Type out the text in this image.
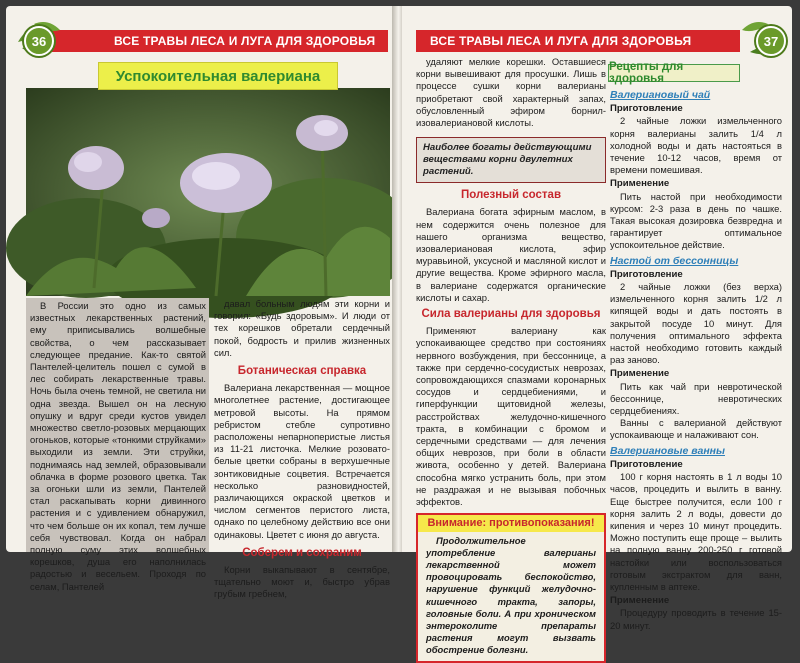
36	ВСЕ ТРАВЫ ЛЕСА И ЛУГА ДЛЯ ЗДОРОВЬЯ
Успокоительная валериана

В России это одно из самых известных лекарственных растений, ему приписывались волшебные свойства, о чем рассказывает следующее предание. Как-то святой Пантелей-целитель пошел с сумой в лес собирать лекарственные травы. Ночь была очень темной, не светила ни одна звезда. Вышел он на лесную опушку и вдруг среди кустов увидел множество светло-розовых мерцающих огоньков, которые «тонкими струйками» выходили из земли. Эти струйки, поднимаясь над землей, образовывали облачка в форме розового цветка. Так за огоньки шли из земли, Пантелей стал раскапывать корни дивинного растения и с удивлением обнаружил, что чем больше он их копал, тем лучше себя чувствовал. Когда он набрал полную суму этих волшебных корешков, душа его наполнилась радостью и весельем. Проходя по селам, Пантелей

давал больным людям эти корни и говорил: «Будь здоровым». И люди от тех корешков обретали сердечный покой, бодрость и прилив жизненных сил.

Ботаническая справка

Валериана лекарственная — мощное многолетнее растение, достигающее метровой высоты. На прямом ребристом стебле супротивно расположены непарноперистые листья из 11-21 листочка. Мелкие розовато-белые цветки собраны в верхушечные зонтиковидные соцветия. Встречается несколько разновидностей, различающихся окраской цветков и числом сегментов перистого листа, однако по целебному действию все они одинаковы. Цветет с июня до августа.

Соберем и сохраним

Корни выкапывают в сентябре, тщательно моют и, быстро убрав грубым гребнем,

ВСЕ ТРАВЫ ЛЕСА И ЛУГА ДЛЯ ЗДОРОВЬЯ	37

удаляют мелкие корешки. Оставшиеся корни вывешивают для просушки. Лишь в процессе сушки корни валерианы приобретают свой характерный запах, обусловленный эфиром борнил-изовалериановой кислоты.

Наиболее богаты действующими веществами корни двулетних растений.
Полезный состав

Валериана богата эфирным маслом, в нем содержится очень полезное для нашего организма вещество, изовалериановая кислота, эфир муравьиной, уксусной и масляной кислот и другие вещества. Кроме эфирного масла, в валериане содержатся органические кислоты и сахар.

Сила валерианы для здоровья

Применяют валериану как успокаивающее средство при состояниях нервного возбуждения, при бессоннице, а также при сердечно-сосудистых неврозах, сопровождающихся спазмами коронарных сосудов и сердцебиениями, и гиперфункции щитовидной железы, расстройствах желудочно-кишечного тракта, в комбинации с бромом и сердечными средствами — для лечения общих неврозов, при боли в области живота, особенно у детей. Валериана способна мягко устранить боль, при этом не раздражая и не вызывая побочных эффектов.

Внимание: противопоказания!

Продолжительное употребление валерианы лекарственной может провоцировать беспокойство, нарушение функций желудочно-кишечного тракта, запоры, головные боли. А при хроническом энтероколите препараты растения могут вызвать обострение болезни.

Рецепты для здоровья
Валериановый чай
Приготовление

2 чайные ложки измельченного корня валерианы залить 1/4 л холодной воды и дать настояться в течение 10-12 часов, время от времени помешивая.

Применение

Пить настой при необходимости курсом: 2-3 раза в день по чашке. Такая высокая дозировка безвредна и гарантирует оптимальное успокоительное действие.

Настой от бессонницы
Приготовление

2 чайные ложки (без верха) измельченного корня залить 1/2 л кипящей воды и дать постоять в закрытой посуде 10 минут. Для получения оптимального эффекта настой необходимо готовить каждый раз заново.

Применение

Пить как чай при невротической бессоннице, невротических сердцебиениях.

Ванны с валерианой действуют успокаивающе и налаживают сон.

Валериановые ванны
Приготовление

100 г корня настоять в 1 л воды 10 часов, процедить и вылить в ванну. Еще быстрее получится, если 100 г корня залить 2 л воды, довести до кипения и через 10 минут процедить. Можно поступить еще проще – вылить на полную ванну 200-250 г готовой настойки или воспользоваться готовым экстрактом для ванн, купленным в аптеке.

Применение

Процедуру проводить в течение 15-20 минут.
